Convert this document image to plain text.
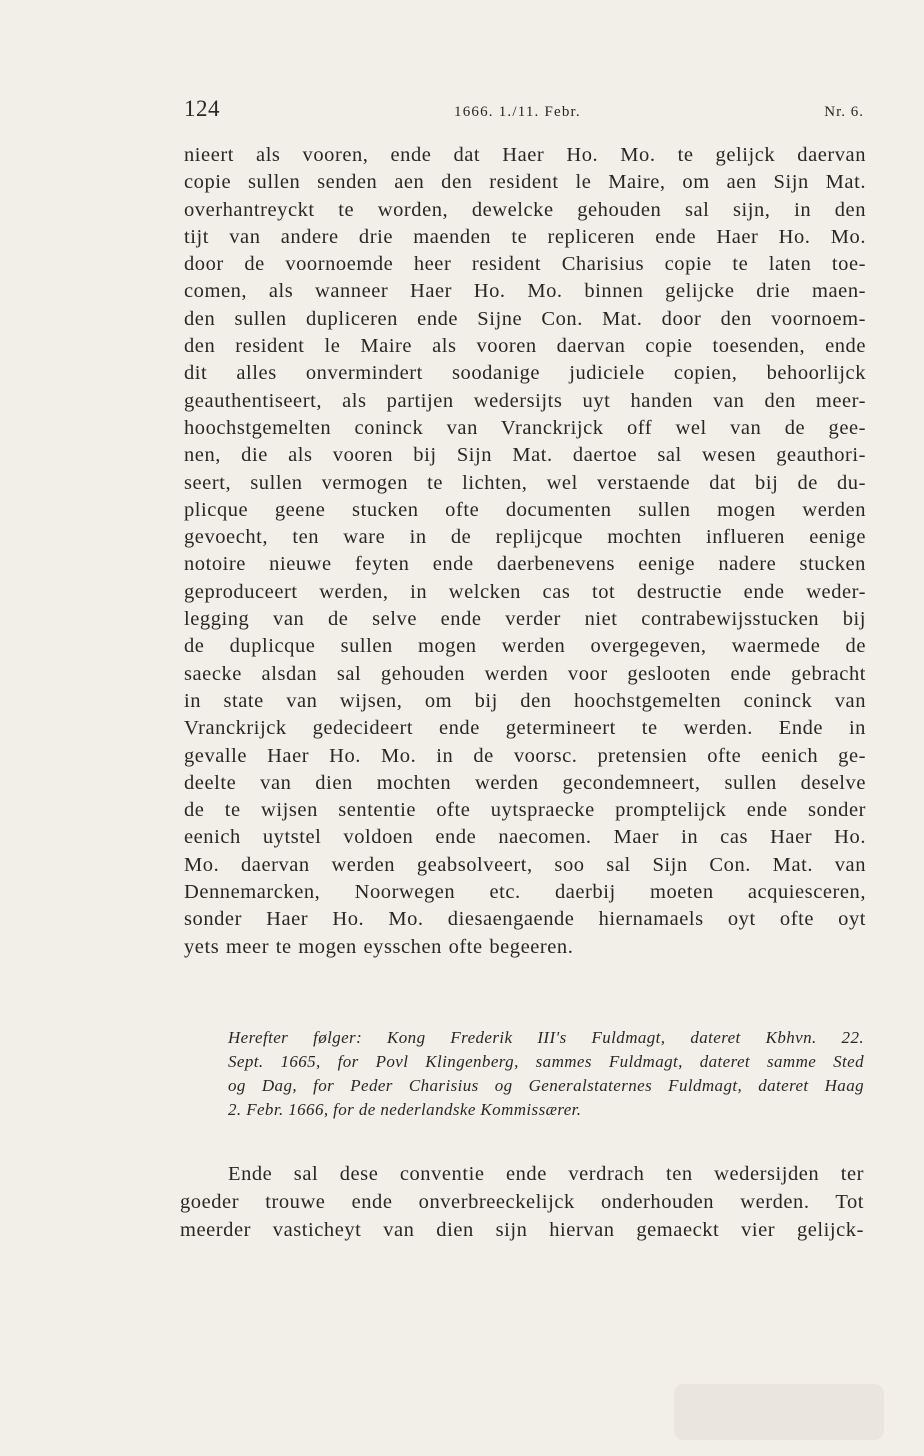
124	1666. 1./11. Febr.	Nr. 6.
nieert als vooren, ende dat Haer Ho. Mo. te gelijck daervan
copie sullen senden aen den resident le Maire, om aen Sijn Mat.
overhantreyckt te worden, dewelcke gehouden sal sijn, in den
tijt van andere drie maenden te repliceren ende Haer Ho. Mo.
door de voornoemde heer resident Charisius copie te laten toe-
comen, als wanneer Haer Ho. Mo. binnen gelijcke drie maen-
den sullen dupliceren ende Sijne Con. Mat. door den voornoem-
den resident le Maire als vooren daervan copie toesenden, ende
dit alles onvermindert soodanige judiciele copien, behoorlijck
geauthentiseert, als partijen wedersijts uyt handen van den meer-
hoochstgemelten coninck van Vranckrijck off wel van de gee-
nen, die als vooren bij Sijn Mat. daertoe sal wesen geauthori-
seert, sullen vermogen te lichten, wel verstaende dat bij de du-
plicque geene stucken ofte documenten sullen mogen werden
gevoecht, ten ware in de replijcque mochten influeren eenige
notoire nieuwe feyten ende daerbenevens eenige nadere stucken
geproduceert werden, in welcken cas tot destructie ende weder-
legging van de selve ende verder niet contrabewijsstucken bij
de duplicque sullen mogen werden overgegeven, waermede de
saecke alsdan sal gehouden werden voor geslooten ende gebracht
in state van wijsen, om bij den hoochstgemelten coninck van
Vranckrijck gedecideert ende getermineert te werden. Ende in
gevalle Haer Ho. Mo. in de voorsc. pretensien ofte eenich ge-
deelte van dien mochten werden gecondemneert, sullen deselve
de te wijsen sententie ofte uytspraecke promptelijck ende sonder
eenich uytstel voldoen ende naecomen. Maer in cas Haer Ho.
Mo. daervan werden geabsolveert, soo sal Sijn Con. Mat. van
Dennemarcken, Noorwegen etc. daerbij moeten acquiesceren,
sonder Haer Ho. Mo. diesaengaende hiernamaels oyt ofte oyt
yets meer te mogen eysschen ofte begeeren.
Herefter følger: Kong Frederik III's Fuldmagt, dateret Kbhvn. 22.
Sept. 1665, for Povl Klingenberg, sammes Fuldmagt, dateret samme Sted
og Dag, for Peder Charisius og Generalstaternes Fuldmagt, dateret Haag
2. Febr. 1666, for de nederlandske Kommissærer.
Ende sal dese conventie ende verdrach ten wedersijden ter
goeder trouwe ende onverbreeckelijck onderhouden werden. Tot
meerder vasticheyt van dien sijn hiervan gemaeckt vier gelijck-
